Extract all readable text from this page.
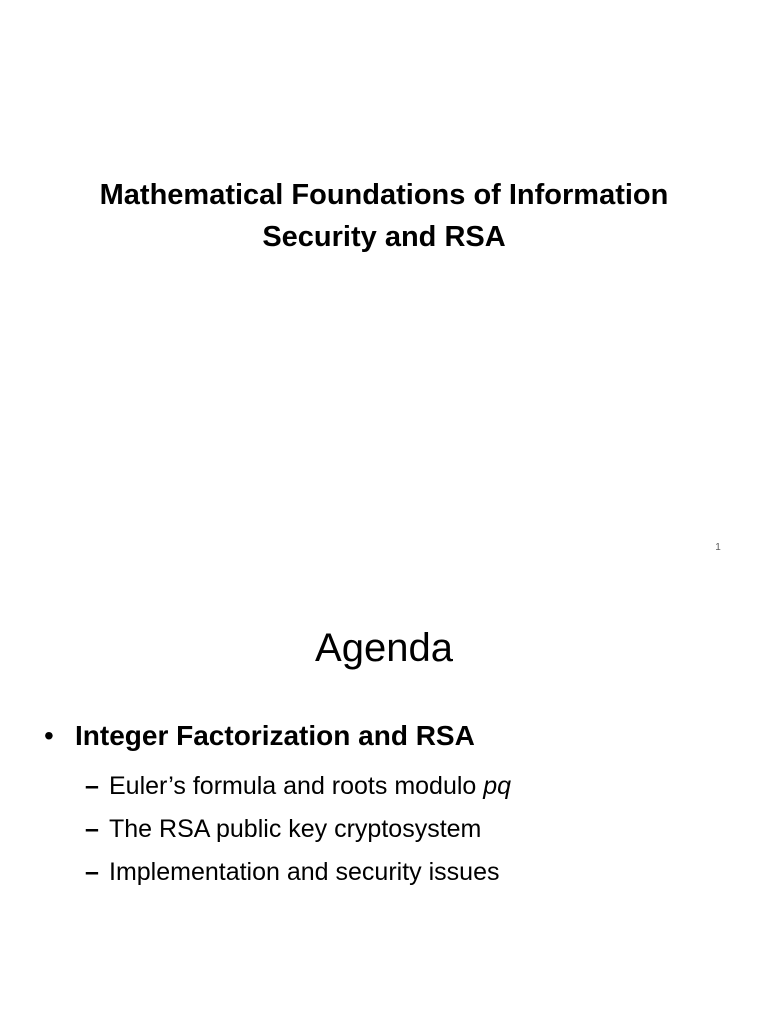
Mathematical Foundations of Information
Security and RSA
1
Agenda
• Integer Factorization and RSA
– Euler’s formula and roots modulo pq
– The RSA public key cryptosystem
– Implementation and security issues
